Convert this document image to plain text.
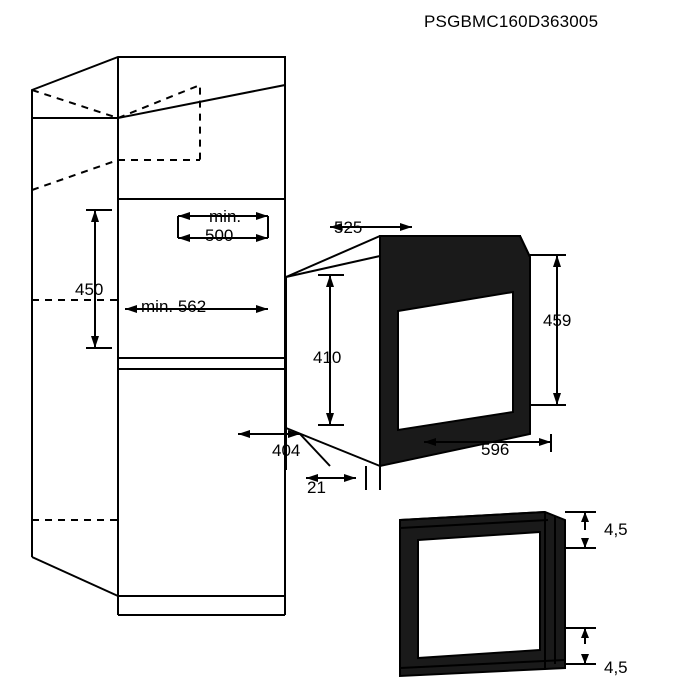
PSGBMC160D363005
min.
500
450
min. 562
525
459
410
596
404
21
4,5
4,5
